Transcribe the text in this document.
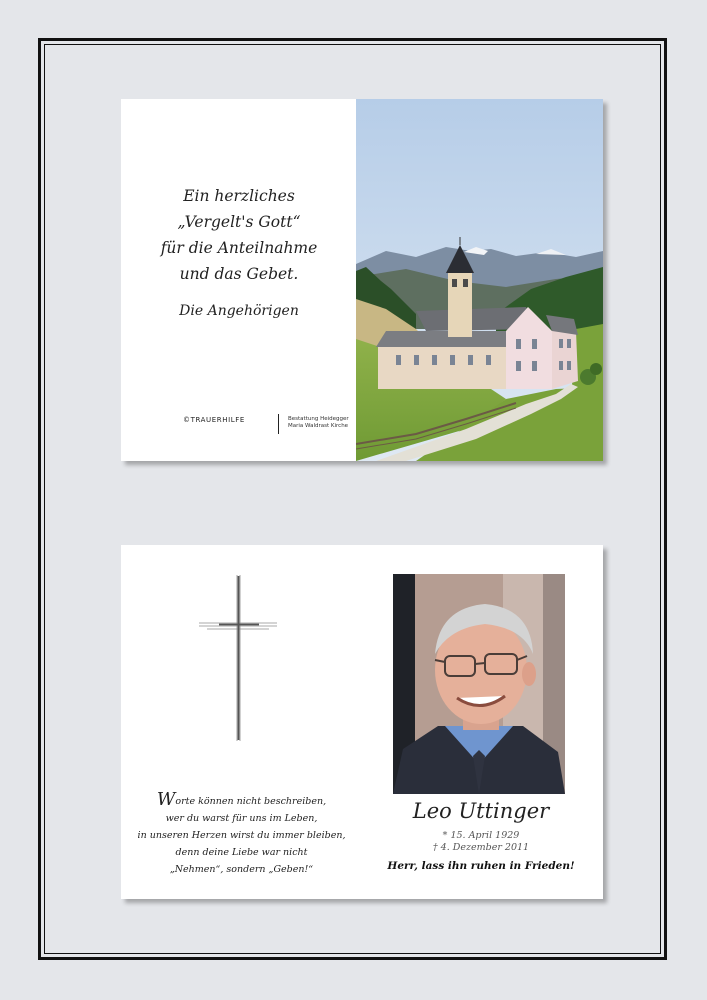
Ein herzliches
„Vergelt's Gott“
für die Anteilnahme
und das Gebet.
Die Angehörigen
©TRAUERHILFE	Bestattung Heidegger
Maria Waldrast Kirche
Worte können nicht beschreiben,
wer du warst für uns im Leben,
in unseren Herzen wirst du immer bleiben,
denn deine Liebe war nicht
„Nehmen“, sondern „Geben!“
Leo Uttinger
* 15. April 1929
† 4. Dezember 2011
Herr, lass ihn ruhen in Frieden!
